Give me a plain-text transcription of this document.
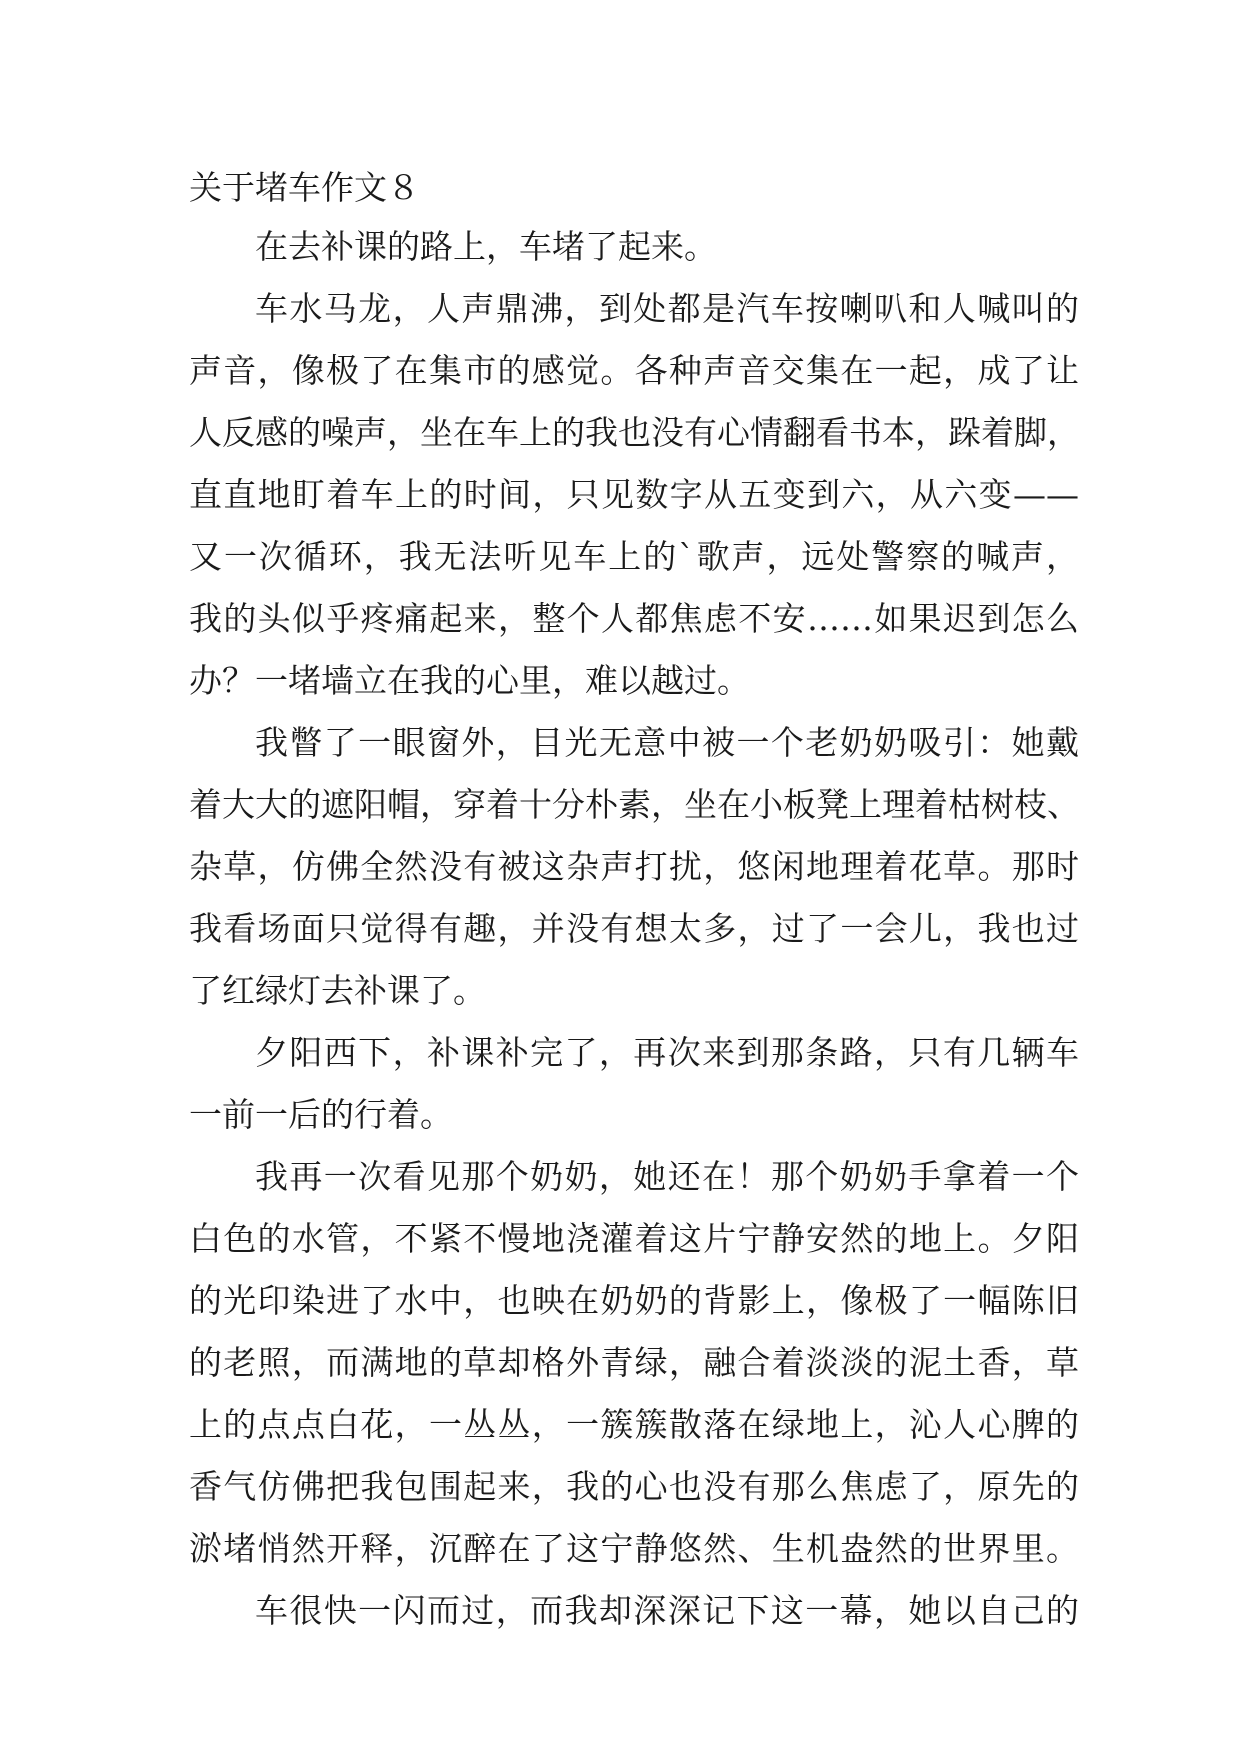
关于堵车作文８
在去补课的路上，车堵了起来。
车水马龙，人声鼎沸，到处都是汽车按喇叭和人喊叫的
声音，像极了在集市的感觉。各种声音交集在一起，成了让
人反感的噪声，坐在车上的我也没有心情翻看书本，跺着脚，
直直地盯着车上的时间，只见数字从五变到六，从六变——
又一次循环，我无法听见车上的`歌声，远处警察的喊声，
我的头似乎疼痛起来，整个人都焦虑不安……如果迟到怎么
办？一堵墙立在我的心里，难以越过。
我瞥了一眼窗外，目光无意中被一个老奶奶吸引：她戴
着大大的遮阳帽，穿着十分朴素，坐在小板凳上理着枯树枝、
杂草，仿佛全然没有被这杂声打扰，悠闲地理着花草。那时
我看场面只觉得有趣，并没有想太多，过了一会儿，我也过
了红绿灯去补课了。
夕阳西下，补课补完了，再次来到那条路，只有几辆车
一前一后的行着。
我再一次看见那个奶奶，她还在！那个奶奶手拿着一个
白色的水管，不紧不慢地浇灌着这片宁静安然的地上。夕阳
的光印染进了水中，也映在奶奶的背影上，像极了一幅陈旧
的老照，而满地的草却格外青绿，融合着淡淡的泥土香，草
上的点点白花，一丛丛，一簇簇散落在绿地上，沁人心脾的
香气仿佛把我包围起来，我的心也没有那么焦虑了，原先的
淤堵悄然开释，沉醉在了这宁静悠然、生机盎然的世界里。
车很快一闪而过，而我却深深记下这一幕，她以自己的
